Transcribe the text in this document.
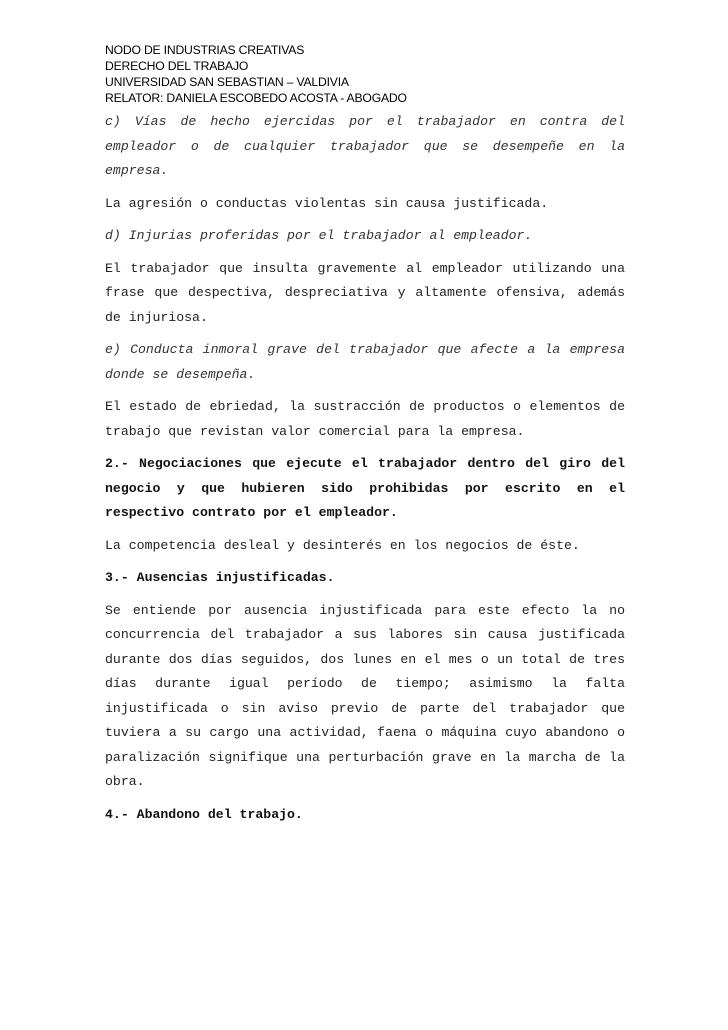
NODO DE INDUSTRIAS CREATIVAS
DERECHO DEL TRABAJO
UNIVERSIDAD SAN SEBASTIAN – VALDIVIA
RELATOR: DANIELA ESCOBEDO ACOSTA - ABOGADO

c) Vías de hecho ejercidas por el trabajador en contra del empleador o de cualquier trabajador que se desempeñe en la empresa.

La agresión o conductas violentas sin causa justificada.

d) Injurias proferidas por el trabajador al empleador.

El trabajador que insulta gravemente al empleador utilizando una frase que despectiva, despreciativa y altamente ofensiva, además de injuriosa.

e) Conducta inmoral grave del trabajador que afecte a la empresa donde se desempeña.

El estado de ebriedad, la sustracción de productos o elementos de trabajo que revistan valor comercial para la empresa.

2.- Negociaciones que ejecute el trabajador dentro del giro del negocio y que hubieren sido prohibidas por escrito en el respectivo contrato por el empleador.

La competencia desleal y desinterés en los negocios de éste.

3.- Ausencias injustificadas.

Se entiende por ausencia injustificada para este efecto la no concurrencia del trabajador a sus labores sin causa justificada durante dos días seguidos, dos lunes en el mes o un total de tres días durante igual período de tiempo; asimismo la falta injustificada o sin aviso previo de parte del trabajador que tuviera a su cargo una actividad, faena o máquina cuyo abandono o paralización signifique una perturbación grave en la marcha de la obra.

4.- Abandono del trabajo.
